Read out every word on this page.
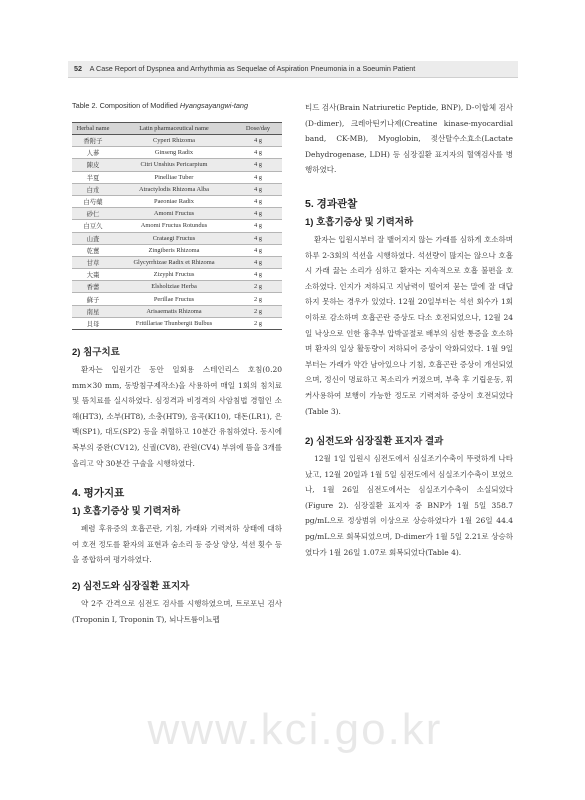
52 A Case Report of Dyspnea and Arrhythmia as Sequelae of Aspiration Pneumonia in a Soeumin Patient
Table 2. Composition of Modified Hyangsayangwi-tang
Herbal name	Latin pharmaceutical name	Dose/day
香附子	Cyperi Rhizoma	4 g
人蔘	Ginseng Radix	4 g
陳皮	Citri Unshius Pericarpium	4 g
半夏	Pinelliae Tuber	4 g
白朮	Atractylodis Rhizoma Alba	4 g
白芍藥	Paeoniae Radix	4 g
砂仁	Amomi Fructus	4 g
白豆久	Amomi Fructus Rotundus	4 g
山査	Crataegi Fructus	4 g
乾薑	Zingiberis Rhizoma	4 g
甘草	Glycyrrhizae Radix et Rhizoma	4 g
大棗	Zizyphi Fructus	4 g
香薷	Elsholtziae Herba	2 g
蘇子	Perillae Fructus	2 g
南星	Arisaematis Rhizoma	2 g
貝母	Fritillariae Thunbergii Bulbus	2 g
2) 침구치료

환자는 입원기간 동안 일회용 스테인리스 호침(0.20 mm×30 mm, 동방침구제작소)을 사용하여 매일 1회의 침치료 및 뜸치료를 실시하였다. 심정격과 비정격의 사암침법 경혈인 소해(HT3), 소부(HT8), 소충(HT9), 음곡(KI10), 대돈(LR1), 은백(SP1), 대도(SP2) 등을 취혈하고 10분간 유침하였다. 동시에 복부의 중완(CV12), 신궐(CV8), 관원(CV4) 부위에 뜸을 3개를 올리고 약 30분간 구술을 시행하였다.

4. 평가지표
1) 호흡기증상 및 기력저하

폐렴 후유증의 호흡곤란, 기침, 가래와 기력저하 상태에 대하여 호전 정도를 환자의 표현과 숨소리 등 증상 양상, 석션 횟수 등을 종합하여 평가하였다.

2) 심전도와 심장질환 표지자

약 2주 간격으로 심전도 검사를 시행하였으며, 트로포닌 검사(Troponin I, Troponin T), 뇌나트륨이뇨펩

티드 검사(Brain Natriuretic Peptide, BNP), D-이합체 검사(D-dimer), 크레아틴키나제(Creatine kinase-myocardial band, CK-MB), Myoglobin, 젖산탈수소효소(Lactate Dehydrogenase, LDH) 등 심장질환 표지자의 혈액검사를 병행하였다.

5. 경과관찰
1) 호흡기증상 및 기력저하

환자는 입원시부터 잘 뱉어지지 않는 가래를 심하게 호소하며 하루 2-3회의 석션을 시행하였다. 석션량이 많지는 않으나 호흡시 가래 끓는 소리가 심하고 환자는 지속적으로 호흡 불편을 호소하였다. 인지가 저하되고 지남력이 떨어져 묻는 말에 잘 대답하지 못하는 경우가 있었다. 12월 20일부터는 석션 회수가 1회 이하로 감소하며 호흡곤란 증상도 다소 호전되었으나, 12월 24일 낙상으로 인한 흉추부 압박골절로 배부의 심한 통증을 호소하며 환자의 일상 활동량이 저하되어 증상이 악화되었다. 1월 9일부터는 가래가 약간 남아있으나 기침, 호흡곤란 증상이 개선되었으며, 정신이 명료하고 목소리가 커졌으며, 부축 후 기립운동, 휘커사용하여 보행이 가능한 정도로 기력저하 증상이 호전되었다(Table 3).

2) 심전도와 심장질환 표지자 결과

12월 1일 입원시 심전도에서 심실조기수축이 뚜렷하게 나타났고, 12월 20일과 1월 5일 심전도에서 심실조기수축이 보였으나, 1월 26일 심전도에서는 심실조기수축이 소실되었다(Figure 2). 심장질환 표지자 중 BNP가 1월 5일 358.7 pg/mL으로 정상범위 이상으로 상승하였다가 1월 26일 44.4 pg/mL으로 회복되었으며, D-dimer가 1월 5일 2.21로 상승하였다가 1월 26일 1.07로 회복되었다(Table 4).

www.kci.go.kr
